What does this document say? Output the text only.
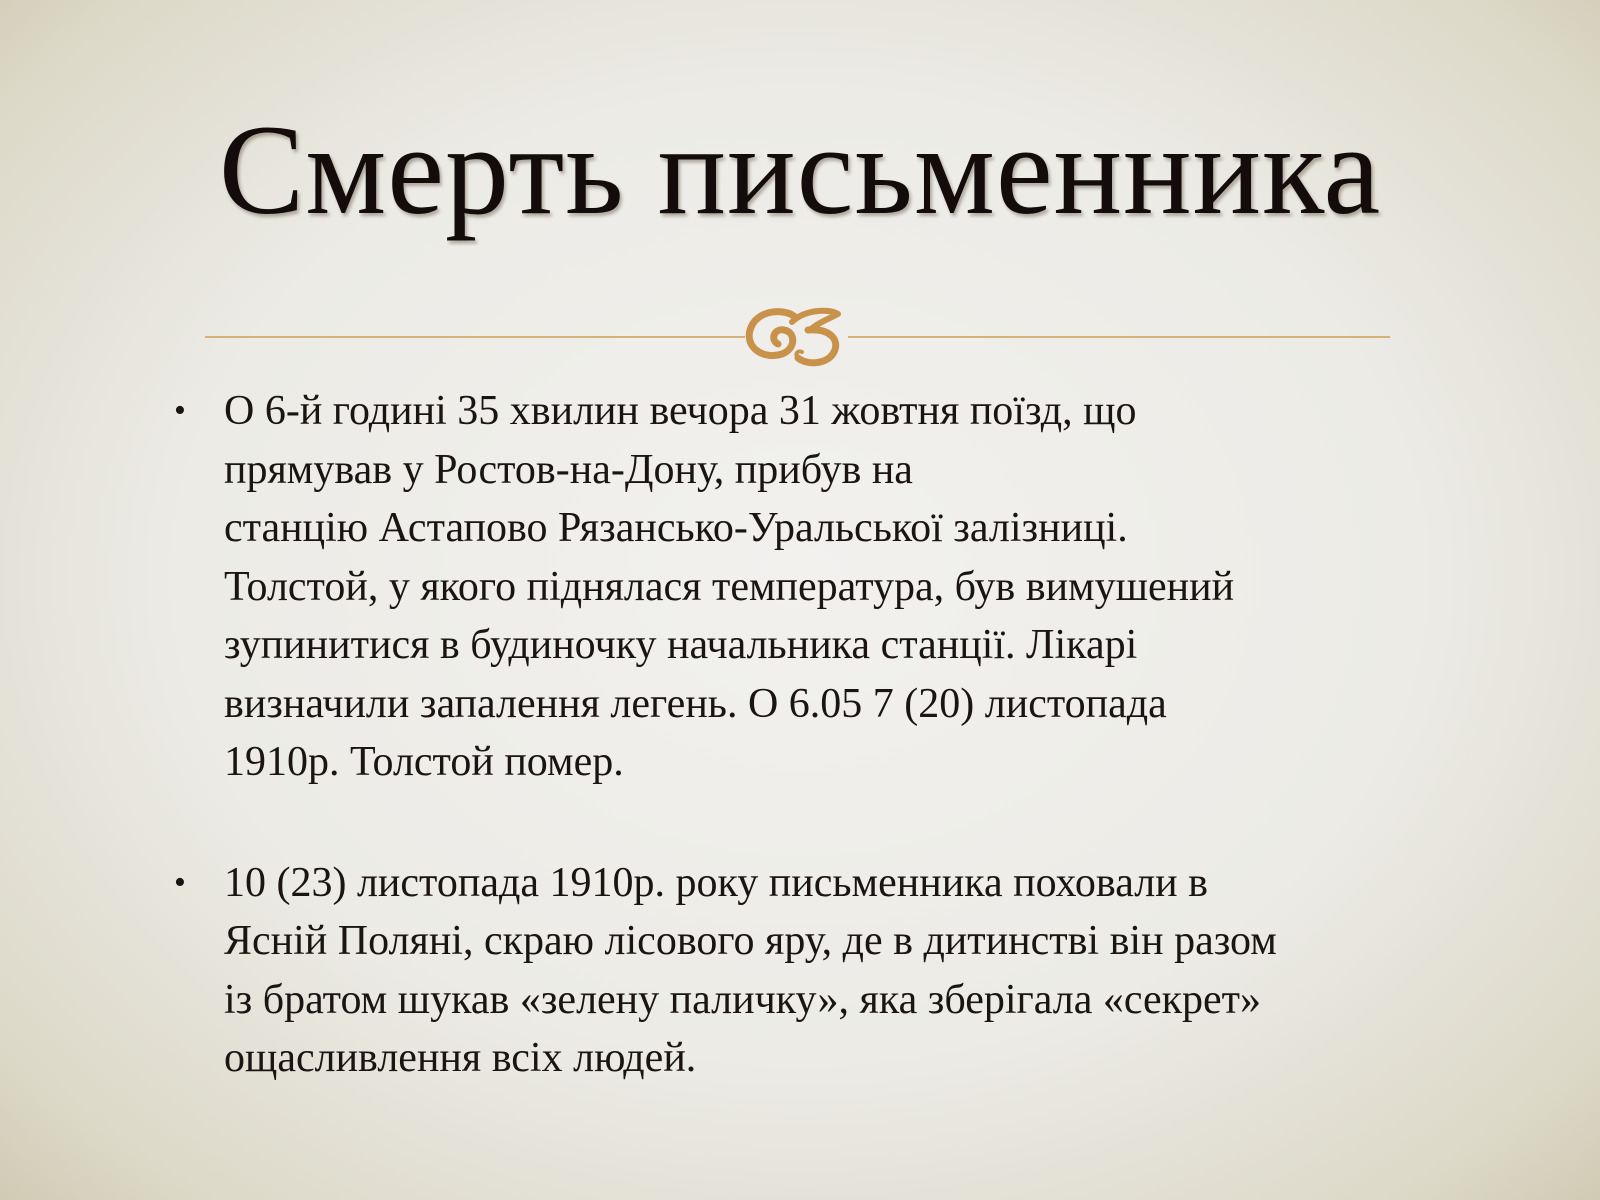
Смерть письменника
• О 6-й годині 35 хвилин вечора 31 жовтня поїзд, що
прямував у Ростов-на-Дону, прибув на
станцію Астапово Рязансько-Уральської залізниці.
Толстой, у якого піднялася температура, був вимушений
зупинитися в будиночку начальника станції. Лікарі
визначили запалення легень. О 6.05 7 (20) листопада
1910р. Толстой помер.
• 10 (23) листопада 1910р. року письменника поховали в
Ясній Поляні, скраю лісового яру, де в дитинстві він разом
із братом шукав «зелену паличку», яка зберігала «секрет»
ощасливлення всіх людей.
